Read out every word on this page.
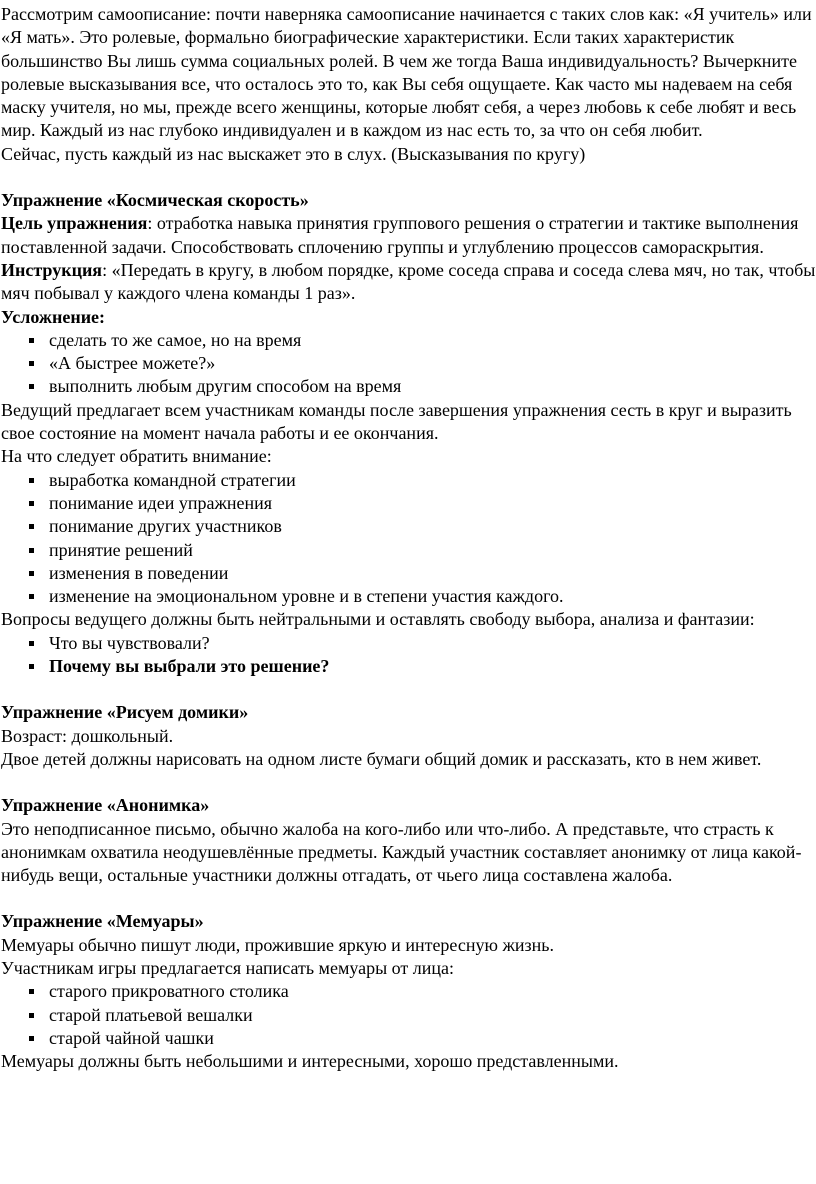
Рассмотрим самоописание: почти наверняка самоописание начинается с таких слов как: «Я учитель» или «Я мать». Это ролевые, формально биографические характеристики. Если таких характеристик большинство Вы лишь сумма социальных ролей. В чем же тогда Ваша индивидуальность? Вычеркните ролевые высказывания все, что осталось это то, как Вы себя ощущаете. Как часто мы надеваем на себя маску учителя, но мы, прежде всего женщины, которые любят себя, а через любовь к себе любят и весь мир. Каждый из нас глубоко индивидуален и в каждом из нас есть то, за что он себя любит.

Сейчас, пусть каждый из нас выскажет это в слух. (Высказывания по кругу)

Упражнение «Космическая скорость»

Цель упражнения: отработка навыка принятия группового решения о стратегии и тактике выполнения поставленной задачи. Способствовать сплочению группы и углублению процессов самораскрытия.

Инструкция: «Передать в кругу, в любом порядке, кроме соседа справа и соседа слева мяч, но так, чтобы мяч побывал у каждого члена команды 1 раз».

Усложнение:

сделать то же самое, но на время
«А быстрее можете?»
выполнить любым другим способом на время

Ведущий предлагает всем участникам команды после завершения упражнения сесть в круг и выразить свое состояние на момент начала работы и ее окончания.

На что следует обратить внимание:

выработка командной стратегии
понимание идеи упражнения
понимание других участников
принятие решений
изменения в поведении
изменение на эмоциональном уровне и в степени участия каждого.

Вопросы ведущего должны быть нейтральными и оставлять свободу выбора, анализа и фантазии:

Что вы чувствовали?
Почему вы выбрали это решение?

Упражнение «Рисуем домики»

Возраст: дошкольный.

Двое детей должны нарисовать на одном листе бумаги общий домик и рассказать, кто в нем живет.

Упражнение «Анонимка»

Это неподписанное письмо, обычно жалоба на кого-либо или что-либо. А представьте, что страсть к анонимкам охватила неодушевлённые предметы. Каждый участник составляет анонимку от лица какой-нибудь вещи, остальные участники должны отгадать, от чьего лица составлена жалоба.

Упражнение «Мемуары»

Мемуары обычно пишут люди, прожившие яркую и интересную жизнь.

Участникам игры предлагается написать мемуары от лица:

старого прикроватного столика
старой платьевой вешалки
старой чайной чашки

Мемуары должны быть небольшими и интересными, хорошо представленными.
